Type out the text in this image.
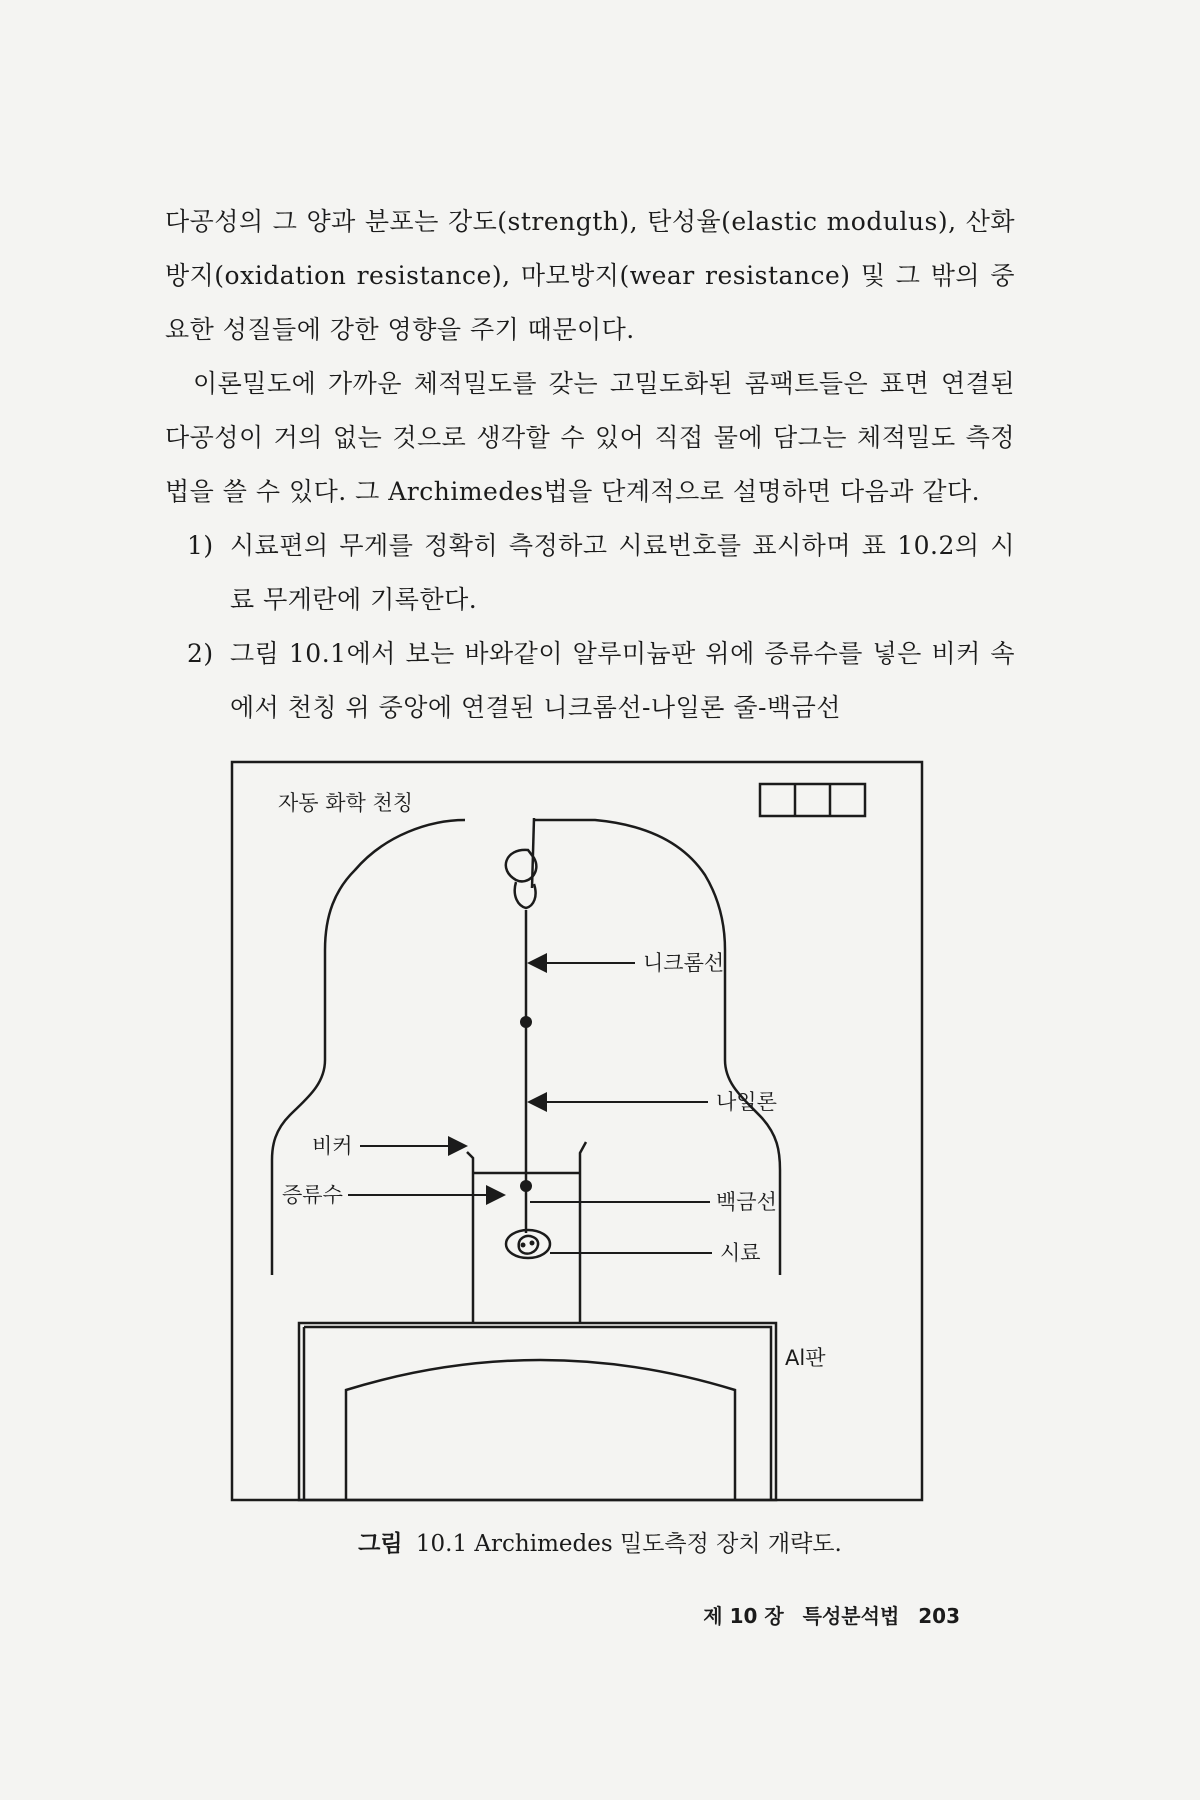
다공성의 그 양과 분포는 강도(strength), 탄성율(elastic modulus), 산화방지(oxidation resistance), 마모방지(wear resistance) 및 그 밖의 중요한 성질들에 강한 영향을 주기 때문이다.
이론밀도에 가까운 체적밀도를 갖는 고밀도화된 콤팩트들은 표면 연결된 다공성이 거의 없는 것으로 생각할 수 있어 직접 물에 담그는 체적밀도 측정법을 쓸 수 있다. 그 Archimedes법을 단계적으로 설명하면 다음과 같다.
1) 시료편의 무게를 정확히 측정하고 시료번호를 표시하며 표 10.2의 시료 무게란에 기록한다.
2) 그림 10.1에서 보는 바와같이 알루미늄판 위에 증류수를 넣은 비커 속에서 천칭 위 중앙에 연결된 니크롬선-나일론 줄-백금선
자동 화학 천칭
니크롬선
나일론
비커
증류수	백금선
시료
Al판
그림 10.1 Archimedes 밀도측정 장치 개략도.
제 10 장 특성분석법 203
